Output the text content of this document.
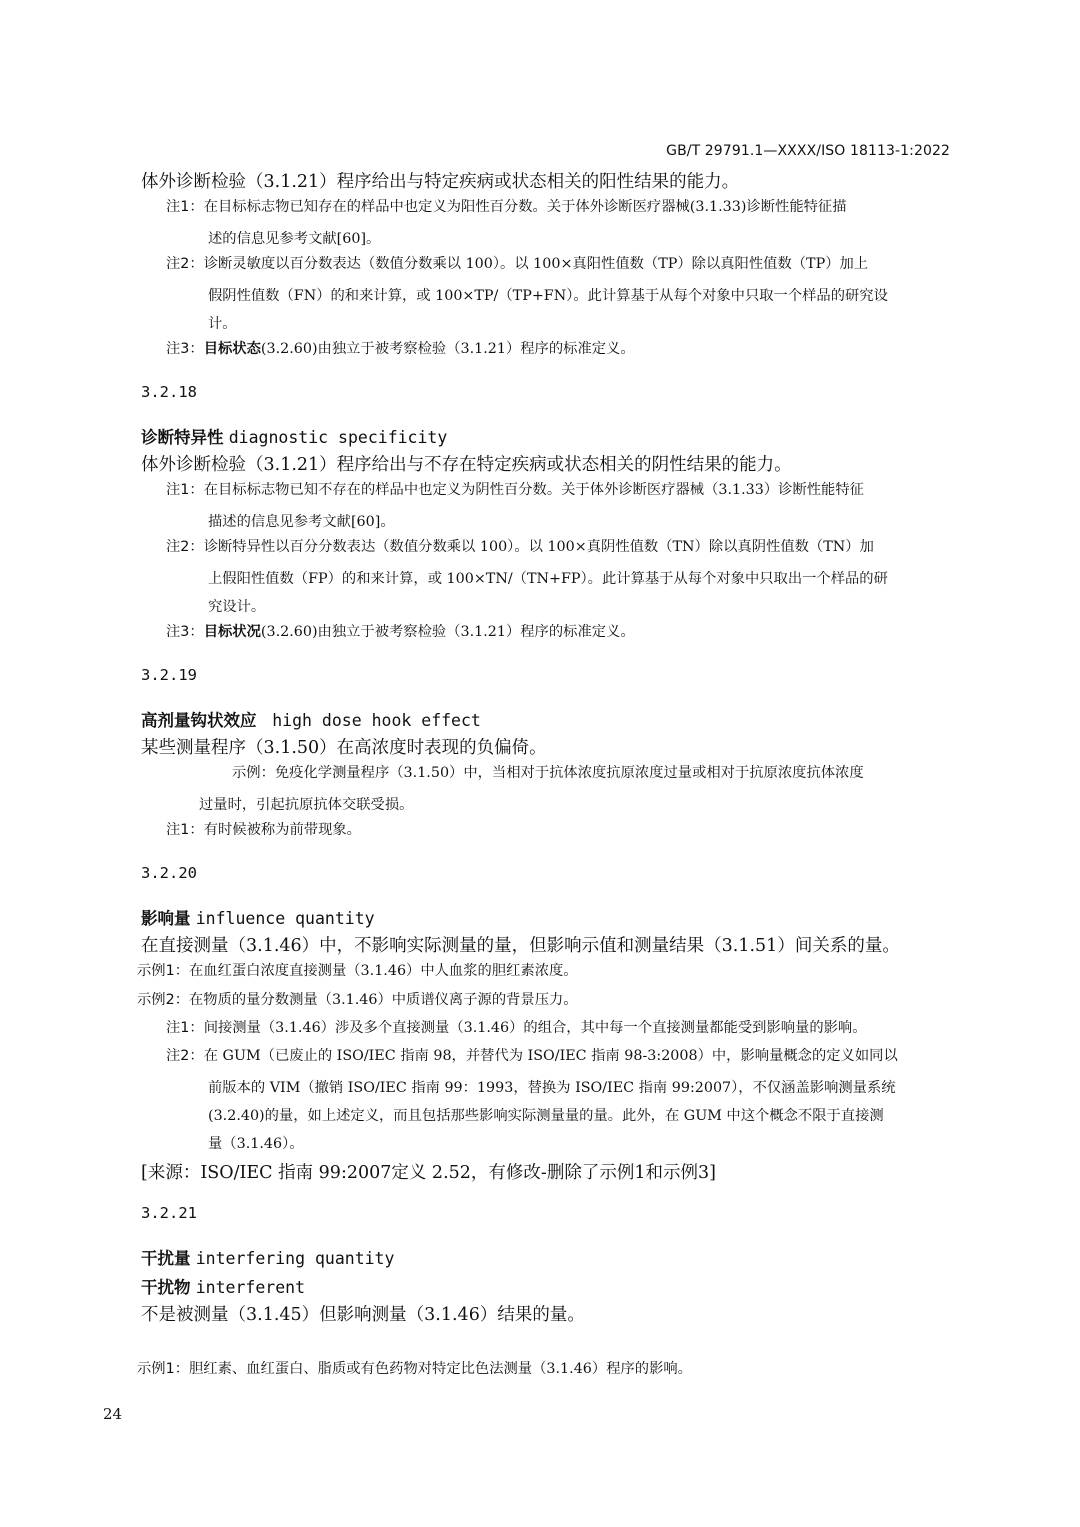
GB/T 29791.1—XXXX/ISO 18113-1:2022
体外诊断检验（3.1.21）程序给出与特定疾病或状态相关的阳性结果的能力。
注1：在目标标志物已知存在的样品中也定义为阳性百分数。关于体外诊断医疗器械(3.1.33)诊断性能特征描
述的信息见参考文献[60]。
注2：诊断灵敏度以百分数表达（数值分数乘以 100）。以 100×真阳性值数（TP）除以真阳性值数（TP）加上
假阴性值数（FN）的和来计算，或 100×TP/（TP+FN）。此计算基于从每个对象中只取一个样品的研究设
计。
注3：目标状态(3.2.60)由独立于被考察检验（3.1.21）程序的标准定义。
3.2.18
诊断特异性 diagnostic specificity
体外诊断检验（3.1.21）程序给出与不存在特定疾病或状态相关的阴性结果的能力。
注1：在目标标志物已知不存在的样品中也定义为阴性百分数。关于体外诊断医疗器械（3.1.33）诊断性能特征
描述的信息见参考文献[60]。
注2：诊断特异性以百分分数表达（数值分数乘以 100）。以 100×真阴性值数（TN）除以真阴性值数（TN）加
上假阳性值数（FP）的和来计算，或 100×TN/（TN+FP）。此计算基于从每个对象中只取出一个样品的研
究设计。
注3：目标状况(3.2.60)由独立于被考察检验（3.1.21）程序的标准定义。
3.2.19
高剂量钩状效应 high dose hook effect
某些测量程序（3.1.50）在高浓度时表现的负偏倚。
示例：免疫化学测量程序（3.1.50）中，当相对于抗体浓度抗原浓度过量或相对于抗原浓度抗体浓度
过量时，引起抗原抗体交联受损。
注1：有时候被称为前带现象。
3.2.20
影响量 influence quantity
在直接测量（3.1.46）中，不影响实际测量的量，但影响示值和测量结果（3.1.51）间关系的量。
示例1：在血红蛋白浓度直接测量（3.1.46）中人血浆的胆红素浓度。
示例2：在物质的量分数测量（3.1.46）中质谱仪离子源的背景压力。
注1：间接测量（3.1.46）涉及多个直接测量（3.1.46）的组合，其中每一个直接测量都能受到影响量的影响。
注2：在 GUM（已废止的 ISO/IEC 指南 98，并替代为 ISO/IEC 指南 98-3:2008）中，影响量概念的定义如同以
前版本的 VIM（撤销 ISO/IEC 指南 99：1993，替换为 ISO/IEC 指南 99:2007），不仅涵盖影响测量系统
(3.2.40)的量，如上述定义，而且包括那些影响实际测量量的量。此外，在 GUM 中这个概念不限于直接测
量（3.1.46）。
[来源：ISO/IEC 指南 99:2007定义 2.52，有修改-删除了示例1和示例3]
3.2.21
干扰量 interfering quantity
干扰物 interferent
不是被测量（3.1.45）但影响测量（3.1.46）结果的量。
示例1：胆红素、血红蛋白、脂质或有色药物对特定比色法测量（3.1.46）程序的影响。
24
